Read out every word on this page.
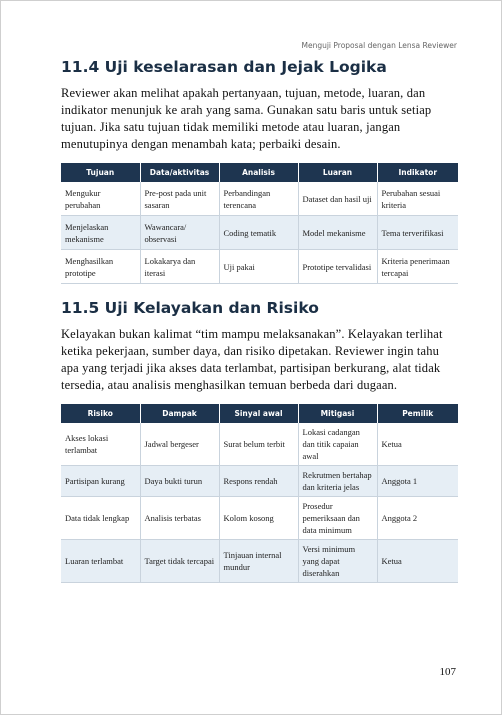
Menguji Proposal dengan Lensa Reviewer
11.4 Uji keselarasan dan Jejak Logika

Reviewer akan melihat apakah pertanyaan, tujuan, metode, luaran, dan indikator menunjuk ke arah yang sama. Gunakan satu baris untuk setiap tujuan. Jika satu tujuan tidak memiliki metode atau luaran, jangan menutupinya dengan menambah kata; perbaiki desain.

Tujuan	Data/aktivitas	Analisis	Luaran	Indikator
Mengukur perubahan	Pre-post pada unit sasaran	Perbandingan terencana	Dataset dan hasil uji	Perubahan sesuai kriteria
Menjelaskan mekanisme	Wawancara/ observasi	Coding tematik	Model mekanisme	Tema terverifikasi
Menghasilkan prototipe	Lokakarya dan iterasi	Uji pakai	Prototipe tervalidasi	Kriteria penerimaan tercapai
11.5 Uji Kelayakan dan Risiko

Kelayakan bukan kalimat “tim mampu melaksanakan”. Kelayakan terlihat ketika pekerjaan, sumber daya, dan risiko dipetakan. Reviewer ingin tahu apa yang terjadi jika akses data terlambat, partisipan berkurang, alat tidak tersedia, atau analisis menghasilkan temuan berbeda dari dugaan.

Risiko	Dampak	Sinyal awal	Mitigasi	Pemilik
Akses lokasi terlambat	Jadwal bergeser	Surat belum terbit	Lokasi cadangan dan titik capaian awal	Ketua
Partisipan kurang	Daya bukti turun	Respons rendah	Rekrutmen bertahap dan kriteria jelas	Anggota 1
Data tidak lengkap	Analisis terbatas	Kolom kosong	Prosedur pemeriksaan dan data minimum	Anggota 2
Luaran terlambat	Target tidak tercapai	Tinjauan internal mundur	Versi minimum yang dapat diserahkan	Ketua
107
